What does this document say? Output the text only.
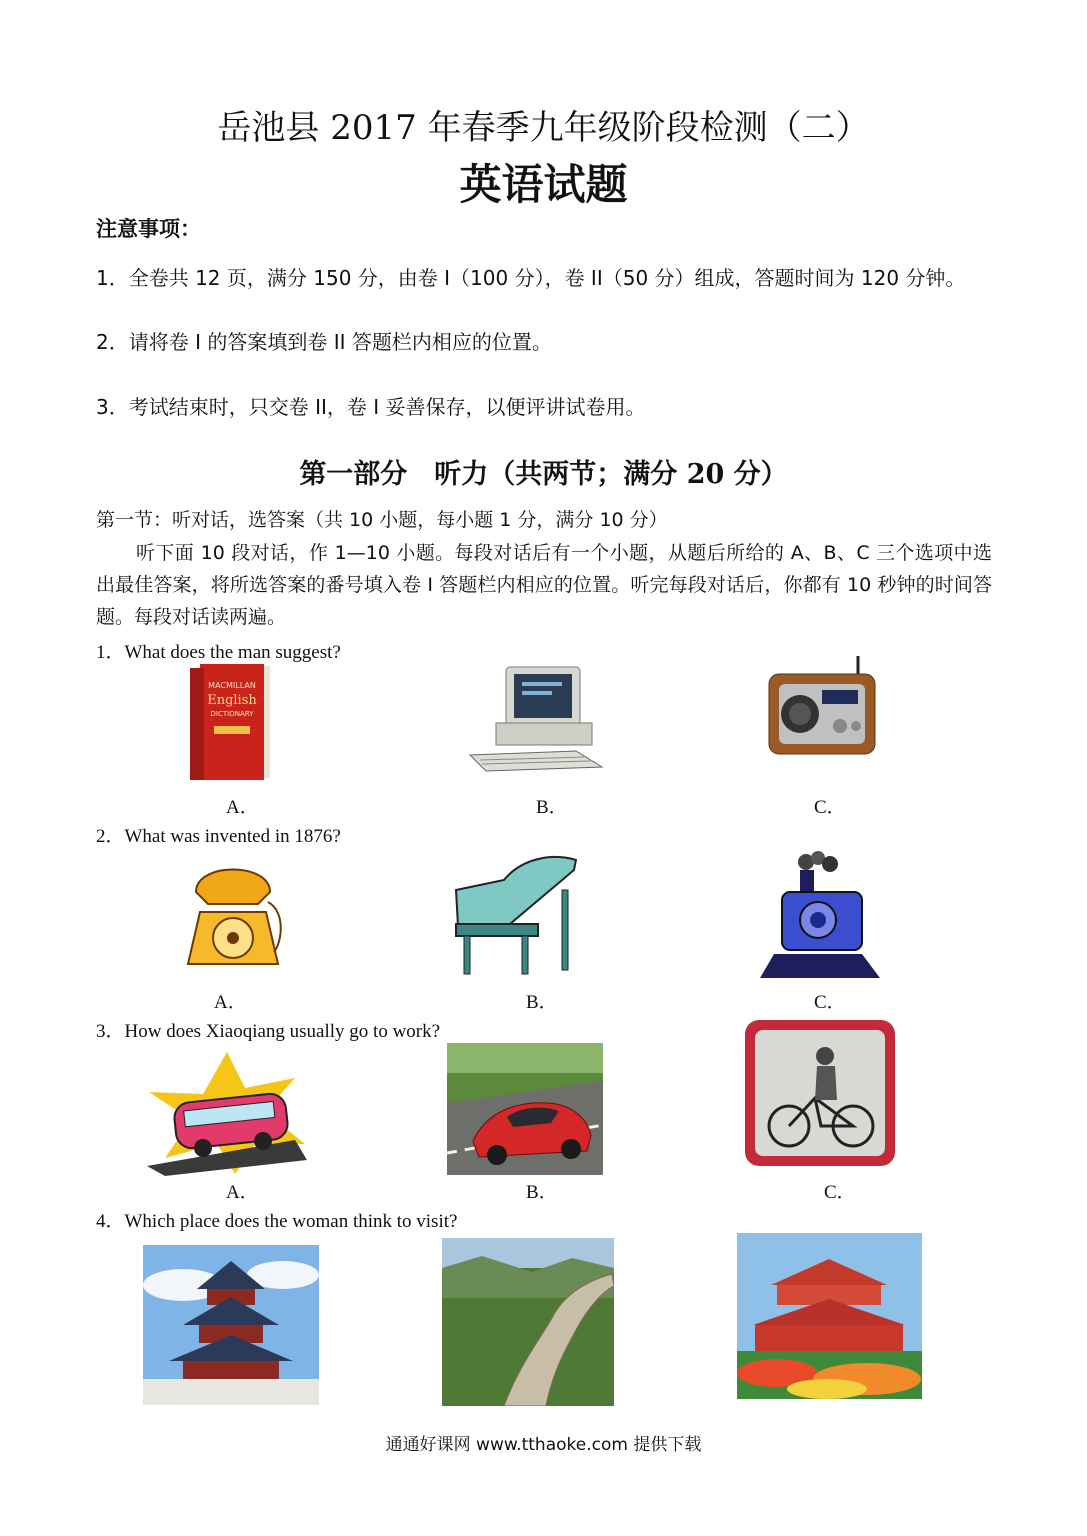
岳池县 2017 年春季九年级阶段检测（二）
英语试题
注意事项：
1．全卷共 12 页，满分 150 分，由卷 I（100 分），卷 II（50 分）组成，答题时间为 120 分钟。
2．请将卷 I 的答案填到卷 II 答题栏内相应的位置。
3．考试结束时，只交卷 II，卷 I 妥善保存，以便评讲试卷用。
第一部分　听力（共两节；满分 20 分）
第一节：听对话，选答案（共 10 小题，每小题 1 分，满分 10 分）
听下面 10 段对话，作 1—10 小题。每段对话后有一个小题，从题后所给的 A、B、C 三个选项中选出最佳答案，将所选答案的番号填入卷 I 答题栏内相应的位置。听完每段对话后，你都有 10 秒钟的时间答题。每段对话读两遍。
1．What does the man suggest?
MACMILLAN
English
DICTIONARY
A．	B．	C．
2．What was invented in 1876?
A．	B．	C．
3．How does Xiaoqiang usually go to work?
A．	B．	C．
4．Which place does the woman think to visit?
通通好课网 www.tthaoke.com 提供下载
